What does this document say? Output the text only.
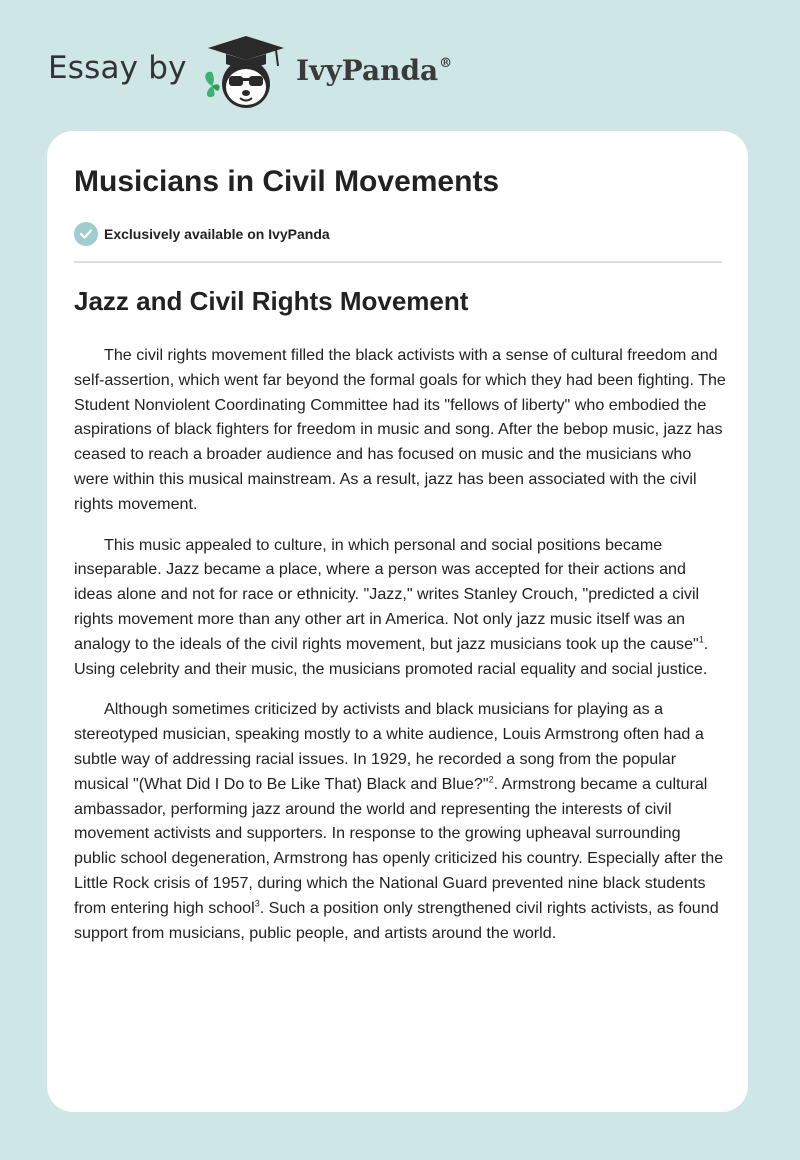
Essay by	IvyPanda®
Musicians in Civil Movements
Exclusively available on IvyPanda
Jazz and Civil Rights Movement

The civil rights movement filled the black activists with a sense of cultural freedom and self-assertion, which went far beyond the formal goals for which they had been fighting. The Student Nonviolent Coordinating Committee had its "fellows of liberty" who embodied the aspirations of black fighters for freedom in music and song. After the bebop music, jazz has ceased to reach a broader audience and has focused on music and the musicians who were within this musical mainstream. As a result, jazz has been associated with the civil rights movement.

This music appealed to culture, in which personal and social positions became inseparable. Jazz became a place, where a person was accepted for their actions and ideas alone and not for race or ethnicity. "Jazz," writes Stanley Crouch, "predicted a civil rights movement more than any other art in America. Not only jazz music itself was an analogy to the ideals of the civil rights movement, but jazz musicians took up the cause"$^1$. Using celebrity and their music, the musicians promoted racial equality and social justice.

Although sometimes criticized by activists and black musicians for playing as a stereotyped musician, speaking mostly to a white audience, Louis Armstrong often had a subtle way of addressing racial issues. In 1929, he recorded a song from the popular musical "(What Did I Do to Be Like That) Black and Blue?"$^2$. Armstrong became a cultural ambassador, performing jazz around the world and representing the interests of civil movement activists and supporters. In response to the growing upheaval surrounding public school degeneration, Armstrong has openly criticized his country. Especially after the Little Rock crisis of 1957, during which the National Guard prevented nine black students from entering high school$^3$. Such a position only strengthened civil rights activists, as found support from musicians, public people, and artists around the world.
